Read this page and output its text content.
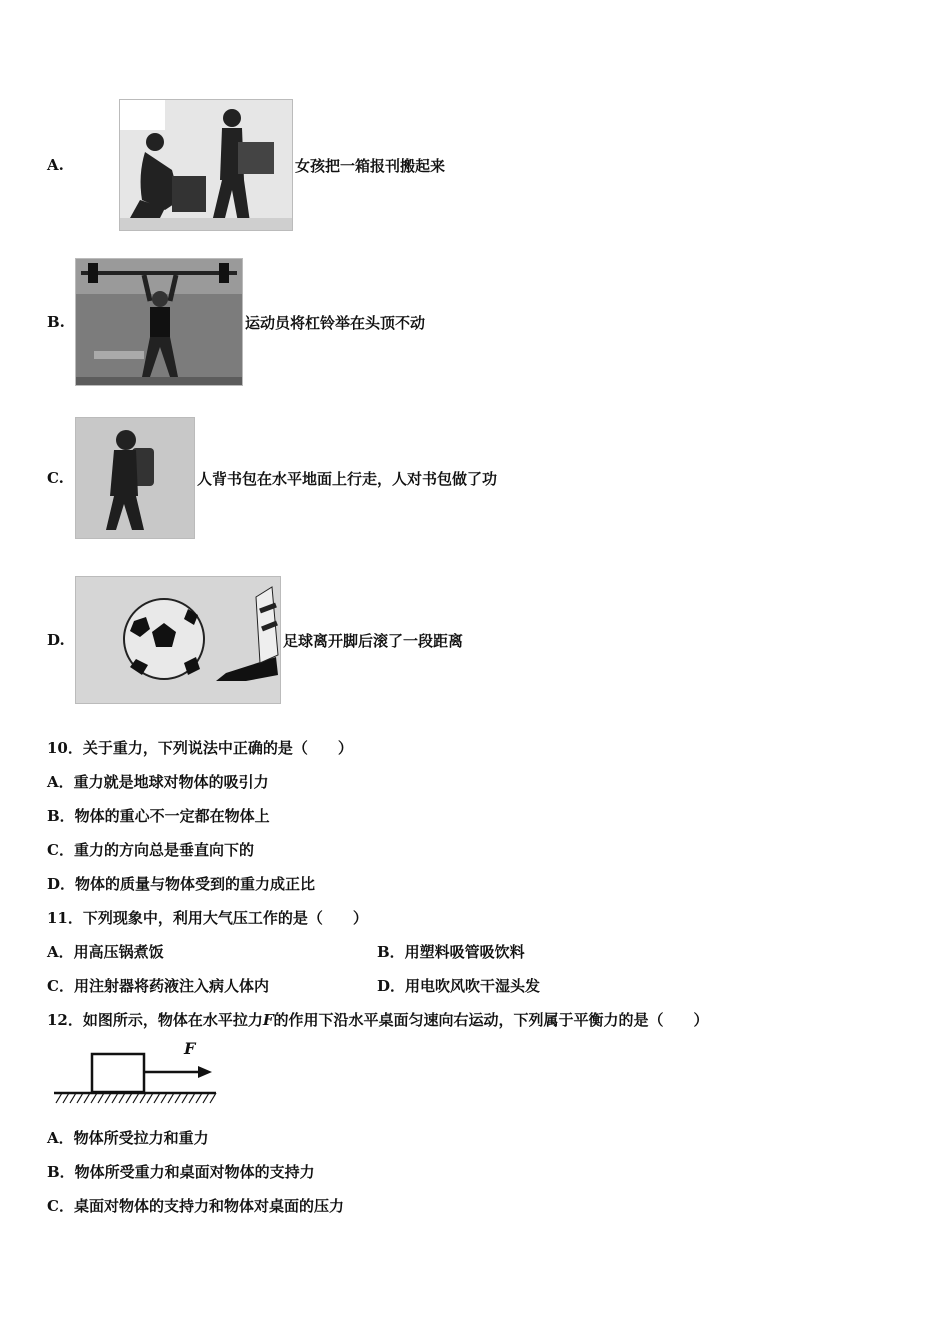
A.	女孩把一箱报刊搬起来
B.	运动员将杠铃举在头顶不动
C.	人背书包在水平地面上行走，人对书包做了功
D.	足球离开脚后滚了一段距离
10．关于重力，下列说法中正确的是（　　）
A．重力就是地球对物体的吸引力
B．物体的重心不一定都在物体上
C．重力的方向总是垂直向下的
D．物体的质量与物体受到的重力成正比
11．下列现象中，利用大气压工作的是（　　）
A．用高压锅煮饭	B．用塑料吸管吸饮料
C．用注射器将药液注入病人体内	D．用电吹风吹干湿头发
12．如图所示，物体在水平拉力F的作用下沿水平桌面匀速向右运动，下列属于平衡力的是（　　）
F
A．物体所受拉力和重力
B．物体所受重力和桌面对物体的支持力
C．桌面对物体的支持力和物体对桌面的压力
